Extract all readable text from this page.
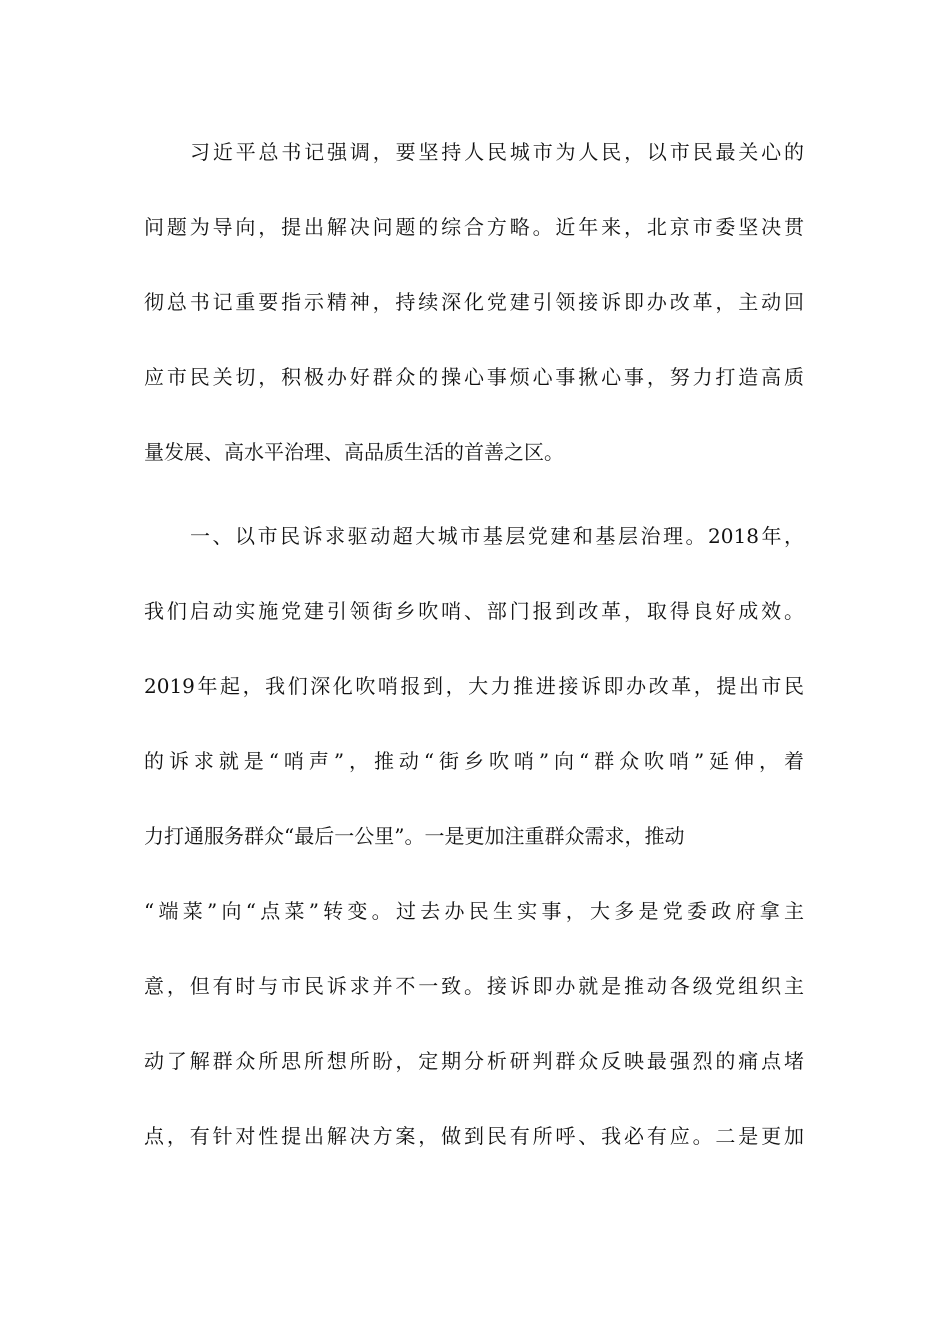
习近平总书记强调，要坚持人民城市为人民，以市民最关心的
问题为导向，提出解决问题的综合方略。近年来，北京市委坚决贯
彻总书记重要指示精神，持续深化党建引领接诉即办改革，主动回
应市民关切，积极办好群众的操心事烦心事揪心事，努力打造高质
量发展、高水平治理、高品质生活的首善之区。
一、以市民诉求驱动超大城市基层党建和基层治理。2018年，
我们启动实施党建引领街乡吹哨、部门报到改革，取得良好成效。
2019年起，我们深化吹哨报到，大力推进接诉即办改革，提出市民
的诉求就是“哨声”，推动“街乡吹哨”向“群众吹哨”延伸，着
力打通服务群众“最后一公里”。一是更加注重群众需求，推动
“端菜”向“点菜”转变。过去办民生实事，大多是党委政府拿主
意，但有时与市民诉求并不一致。接诉即办就是推动各级党组织主
动了解群众所思所想所盼，定期分析研判群众反映最强烈的痛点堵
点，有针对性提出解决方案，做到民有所呼、我必有应。二是更加
